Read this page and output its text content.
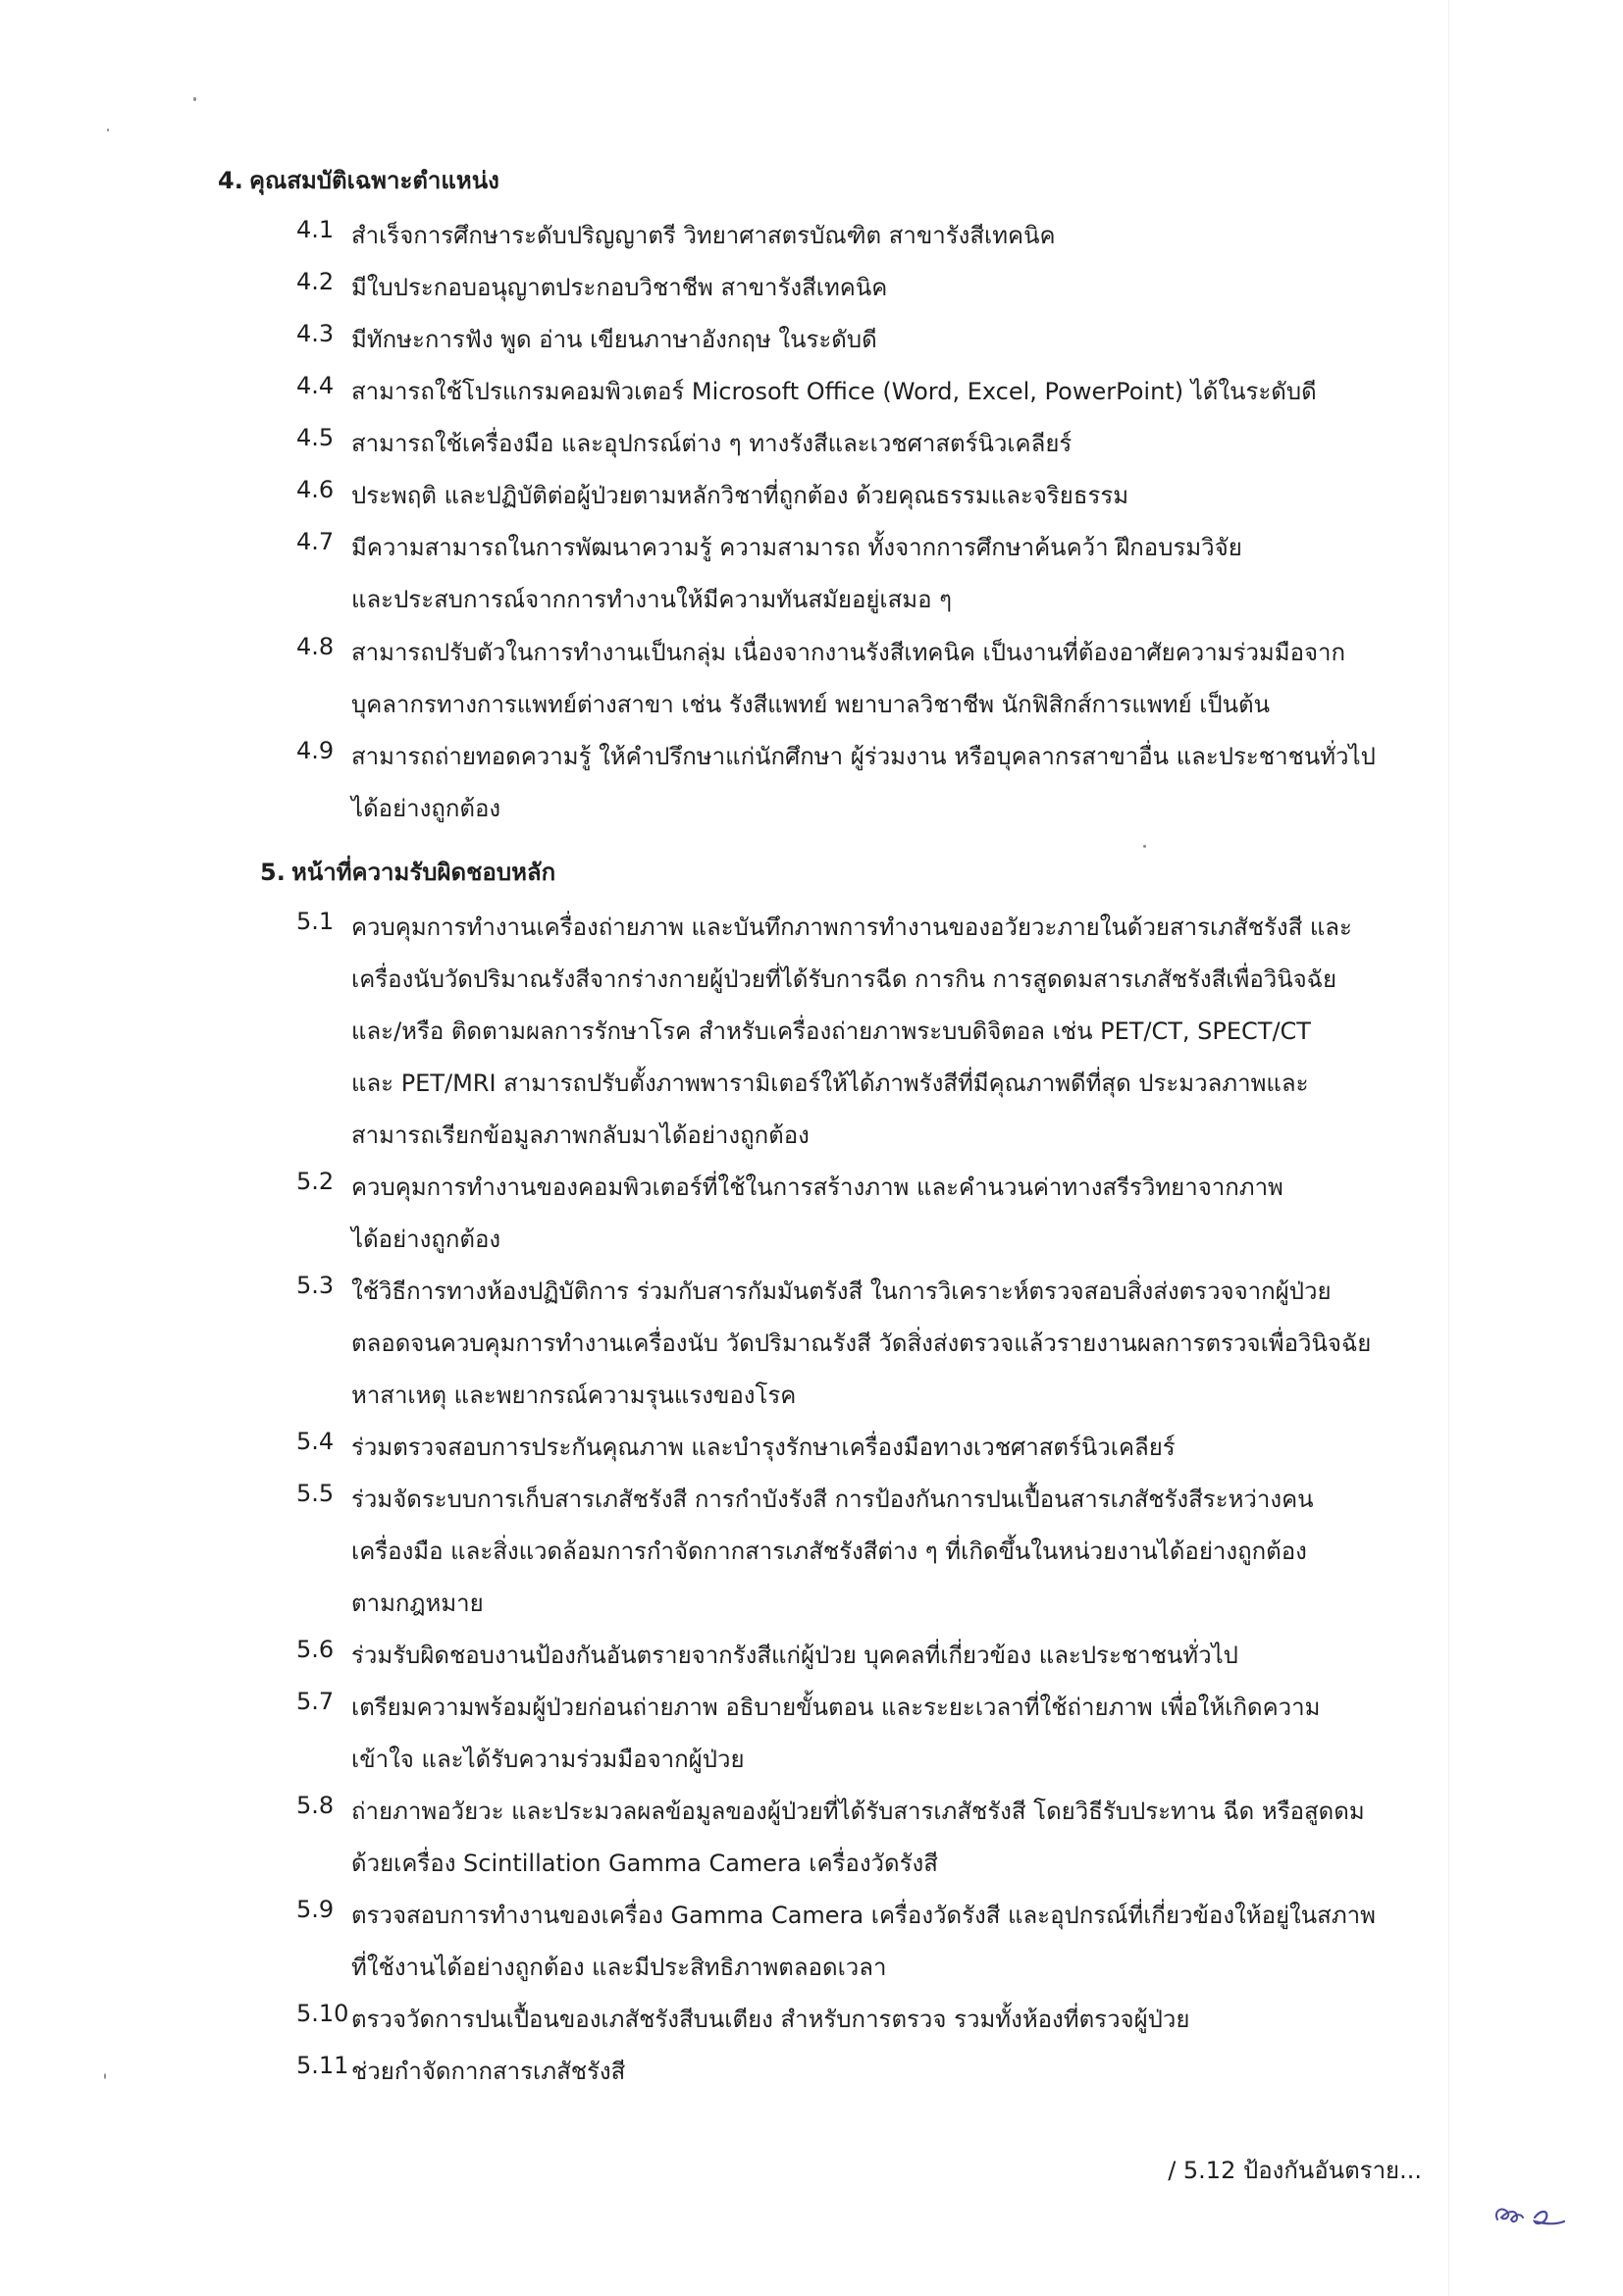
4. คุณสมบัติเฉพาะตำแหน่ง
4.1 สำเร็จการศึกษาระดับปริญญาตรี วิทยาศาสตรบัณฑิต สาขารังสีเทคนิค
4.2 มีใบประกอบอนุญาตประกอบวิชาชีพ สาขารังสีเทคนิค
4.3 มีทักษะการฟัง พูด อ่าน เขียนภาษาอังกฤษ ในระดับดี
4.4 สามารถใช้โปรแกรมคอมพิวเตอร์ Microsoft Office (Word, Excel, PowerPoint) ได้ในระดับดี
4.5 สามารถใช้เครื่องมือ และอุปกรณ์ต่าง ๆ ทางรังสีและเวชศาสตร์นิวเคลียร์
4.6 ประพฤติ และปฏิบัติต่อผู้ป่วยตามหลักวิชาที่ถูกต้อง ด้วยคุณธรรมและจริยธรรม
4.7 มีความสามารถในการพัฒนาความรู้ ความสามารถ ทั้งจากการศึกษาค้นคว้า ฝึกอบรมวิจัย
และประสบการณ์จากการทำงานให้มีความทันสมัยอยู่เสมอ ๆ
4.8 สามารถปรับตัวในการทำงานเป็นกลุ่ม เนื่องจากงานรังสีเทคนิค เป็นงานที่ต้องอาศัยความร่วมมือจาก
บุคลากรทางการแพทย์ต่างสาขา เช่น รังสีแพทย์ พยาบาลวิชาชีพ นักฟิสิกส์การแพทย์ เป็นต้น
4.9 สามารถถ่ายทอดความรู้ ให้คำปรึกษาแก่นักศึกษา ผู้ร่วมงาน หรือบุคลากรสาขาอื่น และประชาชนทั่วไป
ได้อย่างถูกต้อง
5. หน้าที่ความรับผิดชอบหลัก
5.1 ควบคุมการทำงานเครื่องถ่ายภาพ และบันทึกภาพการทำงานของอวัยวะภายในด้วยสารเภสัชรังสี และ
เครื่องนับวัดปริมาณรังสีจากร่างกายผู้ป่วยที่ได้รับการฉีด การกิน การสูดดมสารเภสัชรังสีเพื่อวินิจฉัย
และ/หรือ ติดตามผลการรักษาโรค สำหรับเครื่องถ่ายภาพระบบดิจิตอล เช่น PET/CT, SPECT/CT
และ PET/MRI สามารถปรับตั้งภาพพารามิเตอร์ให้ได้ภาพรังสีที่มีคุณภาพดีที่สุด ประมวลภาพและ
สามารถเรียกข้อมูลภาพกลับมาได้อย่างถูกต้อง
5.2 ควบคุมการทำงานของคอมพิวเตอร์ที่ใช้ในการสร้างภาพ และคำนวนค่าทางสรีรวิทยาจากภาพ
ได้อย่างถูกต้อง
5.3 ใช้วิธีการทางห้องปฏิบัติการ ร่วมกับสารกัมมันตรังสี ในการวิเคราะห์ตรวจสอบสิ่งส่งตรวจจากผู้ป่วย
ตลอดจนควบคุมการทำงานเครื่องนับ วัดปริมาณรังสี วัดสิ่งส่งตรวจแล้วรายงานผลการตรวจเพื่อวินิจฉัย
หาสาเหตุ และพยากรณ์ความรุนแรงของโรค
5.4 ร่วมตรวจสอบการประกันคุณภาพ และบำรุงรักษาเครื่องมือทางเวชศาสตร์นิวเคลียร์
5.5 ร่วมจัดระบบการเก็บสารเภสัชรังสี การกำบังรังสี การป้องกันการปนเปื้อนสารเภสัชรังสีระหว่างคน
เครื่องมือ และสิ่งแวดล้อมการกำจัดกากสารเภสัชรังสีต่าง ๆ ที่เกิดขึ้นในหน่วยงานได้อย่างถูกต้อง
ตามกฎหมาย
5.6 ร่วมรับผิดชอบงานป้องกันอันตรายจากรังสีแก่ผู้ป่วย บุคคลที่เกี่ยวข้อง และประชาชนทั่วไป
5.7 เตรียมความพร้อมผู้ป่วยก่อนถ่ายภาพ อธิบายขั้นตอน และระยะเวลาที่ใช้ถ่ายภาพ เพื่อให้เกิดความ
เข้าใจ และได้รับความร่วมมือจากผู้ป่วย
5.8 ถ่ายภาพอวัยวะ และประมวลผลข้อมูลของผู้ป่วยที่ได้รับสารเภสัชรังสี โดยวิธีรับประทาน ฉีด หรือสูดดม
ด้วยเครื่อง Scintillation Gamma Camera เครื่องวัดรังสี
5.9 ตรวจสอบการทำงานของเครื่อง Gamma Camera เครื่องวัดรังสี และอุปกรณ์ที่เกี่ยวข้องให้อยู่ในสภาพ
ที่ใช้งานได้อย่างถูกต้อง และมีประสิทธิภาพตลอดเวลา
5.10 ตรวจวัดการปนเปื้อนของเภสัชรังสีบนเตียง สำหรับการตรวจ รวมทั้งห้องที่ตรวจผู้ป่วย
5.11 ช่วยกำจัดกากสารเภสัชรังสี
/ 5.12 ป้องกันอันตราย...
